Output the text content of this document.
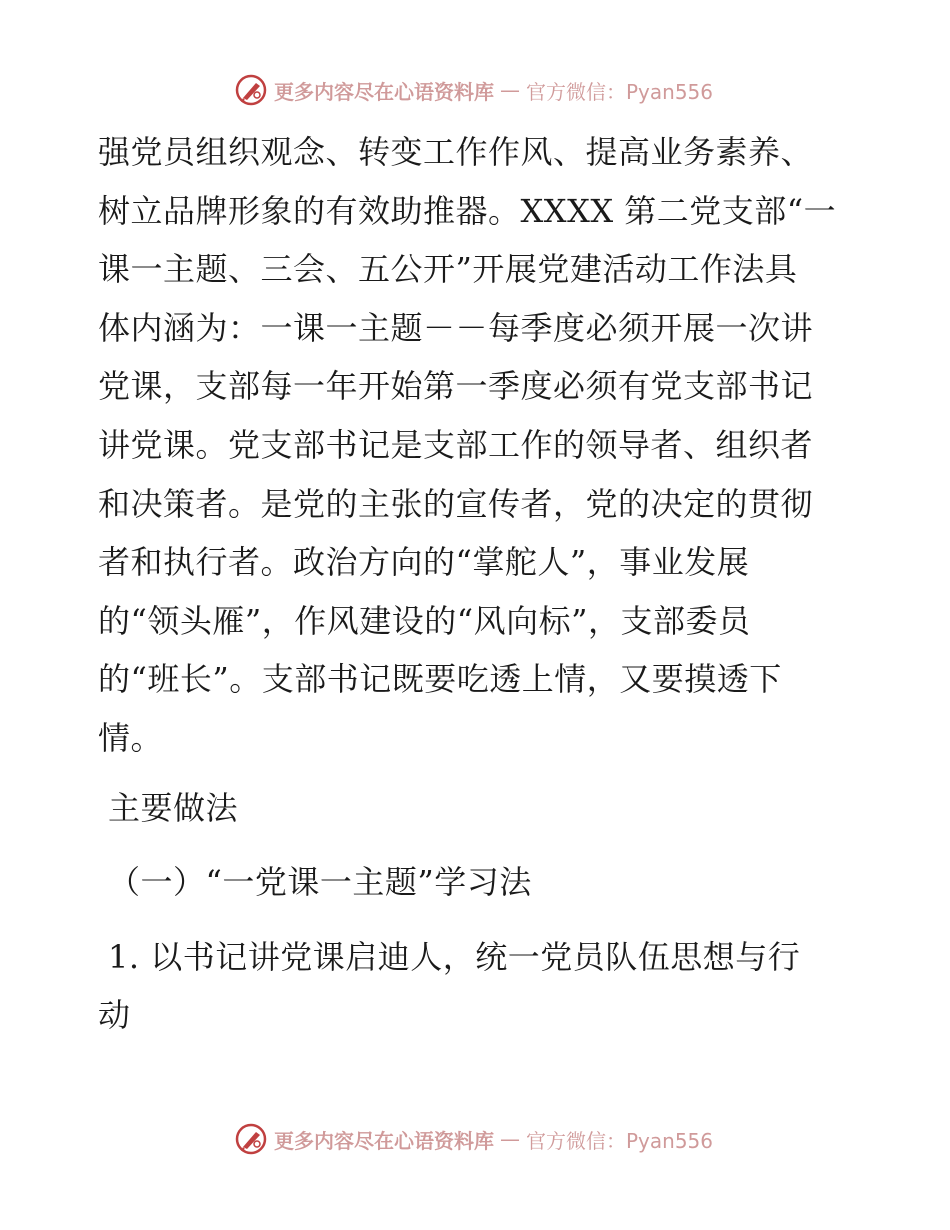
更多内容尽在心语资料库 — 官方微信：Pyan556
强党员组织观念、转变工作作风、提高业务素养、
树立品牌形象的有效助推器。XXXX 第二党支部“一
课一主题、三会、五公开”开展党建活动工作法具
体内涵为：一课一主题－－每季度必须开展一次讲
党课，支部每一年开始第一季度必须有党支部书记
讲党课。党支部书记是支部工作的领导者、组织者
和决策者。是党的主张的宣传者，党的决定的贯彻
者和执行者。政治方向的“掌舵人”，事业发展
的“领头雁”，作风建设的“风向标”，支部委员
的“班长”。支部书记既要吃透上情，又要摸透下
情。
主要做法
（一）“一党课一主题”学习法
1. 以书记讲党课启迪人，统一党员队伍思想与行
动
更多内容尽在心语资料库 — 官方微信：Pyan556
